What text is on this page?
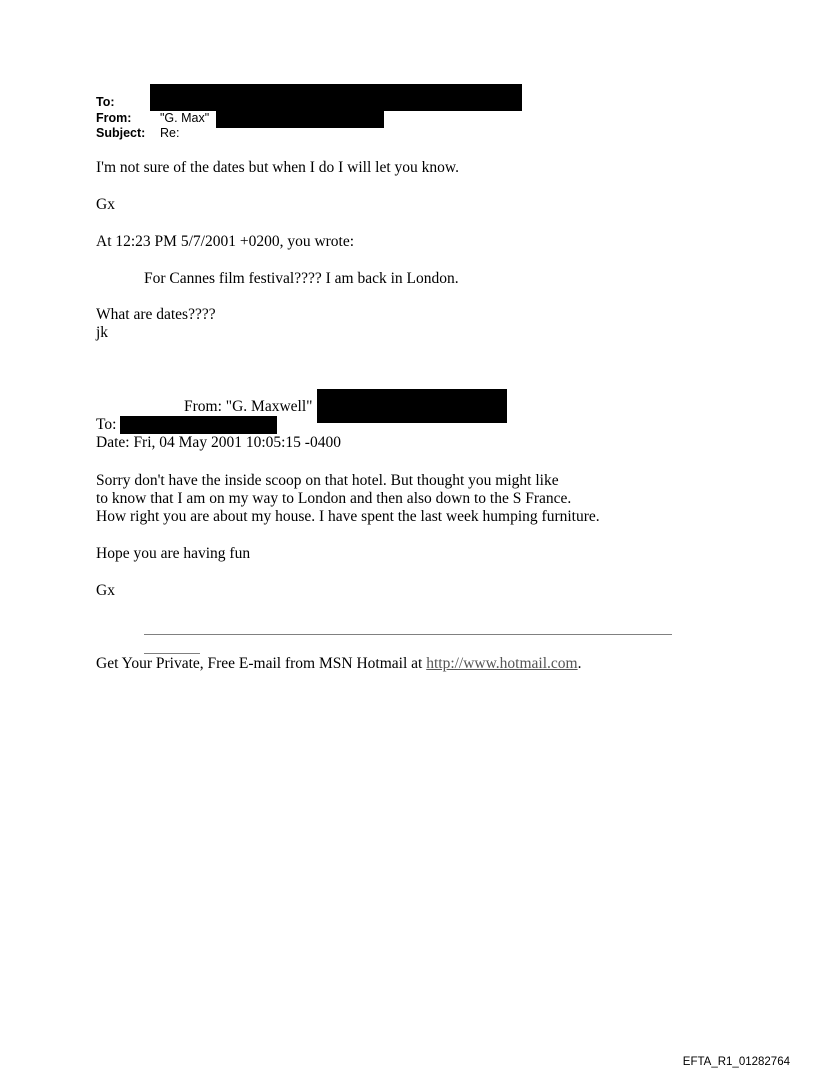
To:
From: "G. Max"
Subject: Re:
I'm not sure of the dates but when I do I will let you know.
Gx
At 12:23 PM 5/7/2001 +0200, you wrote:
For Cannes film festival???? I am back in London.
What are dates????
jk
From: "G. Maxwell"
To:
Date: Fri, 04 May 2001 10:05:15 -0400
Sorry don't have the inside scoop on that hotel. But thought you might like
to know that I am on my way to London and then also down to the S France.
How right you are about my house. I have spent the last week humping furniture.
Hope you are having fun
Gx
Get Your Private, Free E-mail from MSN Hotmail at http://www.hotmail.com.
EFTA_R1_01282764
